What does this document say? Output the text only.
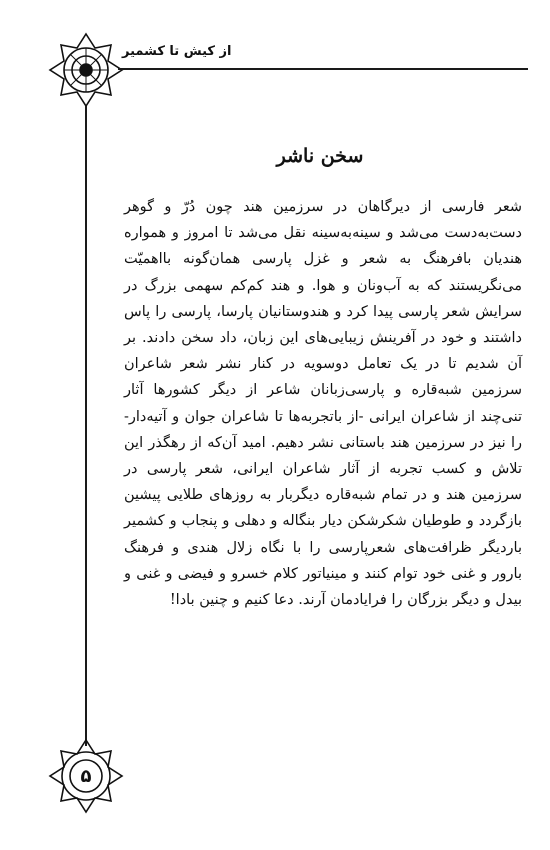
از کیش تا کشمیر
سخن ناشر

شعر فارسی از دیرگاهان در سرزمین هند چون دُرّ و گوهر دست‌به‌دست می‌شد و سینه‌به‌سینه نقل می‌شد تا امروز و همواره هندیان بافرهنگ به شعر و غزل پارسی همان‌گونه بااهمیّت می‌نگریستند که به آب‌ونان و هوا. و هند کم‌کم سهمی بزرگ در سرایش شعر پارسی پیدا کرد و هندوستانیان پارسا، پارسی را پاس داشتند و خود در آفرینش زیبایی‌های این زبان، داد سخن دادند. بر آن شدیم تا در یک تعامل دوسویه در کنار نشر شعر شاعران سرزمین شبه‌قاره و پارسی‌زبانان شاعر از دیگر کشورها آثار تنی‌چند از شاعران ایرانی -از باتجربه‌ها تا شاعران جوان و آتیه‌دار- را نیز در سرزمین هند باستانی نشر دهیم. امید آن‌که از رهگذر این تلاش و کسب تجربه از آثار شاعران ایرانی، شعر پارسی در سرزمین هند و در تمام شبه‌قاره دیگربار به روزهای طلایی پیشین بازگردد و طوطیان شکرشکن دیار بنگاله و دهلی و پنجاب و کشمیر باردیگر ظرافت‌های شعرپارسی را با نگاه زلال هندی و فرهنگ بارور و غنی خود توام کنند و مینیاتور کلام خسرو و فیضی و غنی و بیدل و دیگر بزرگان را فرایادمان آرند. دعا کنیم و چنین بادا!

۵
